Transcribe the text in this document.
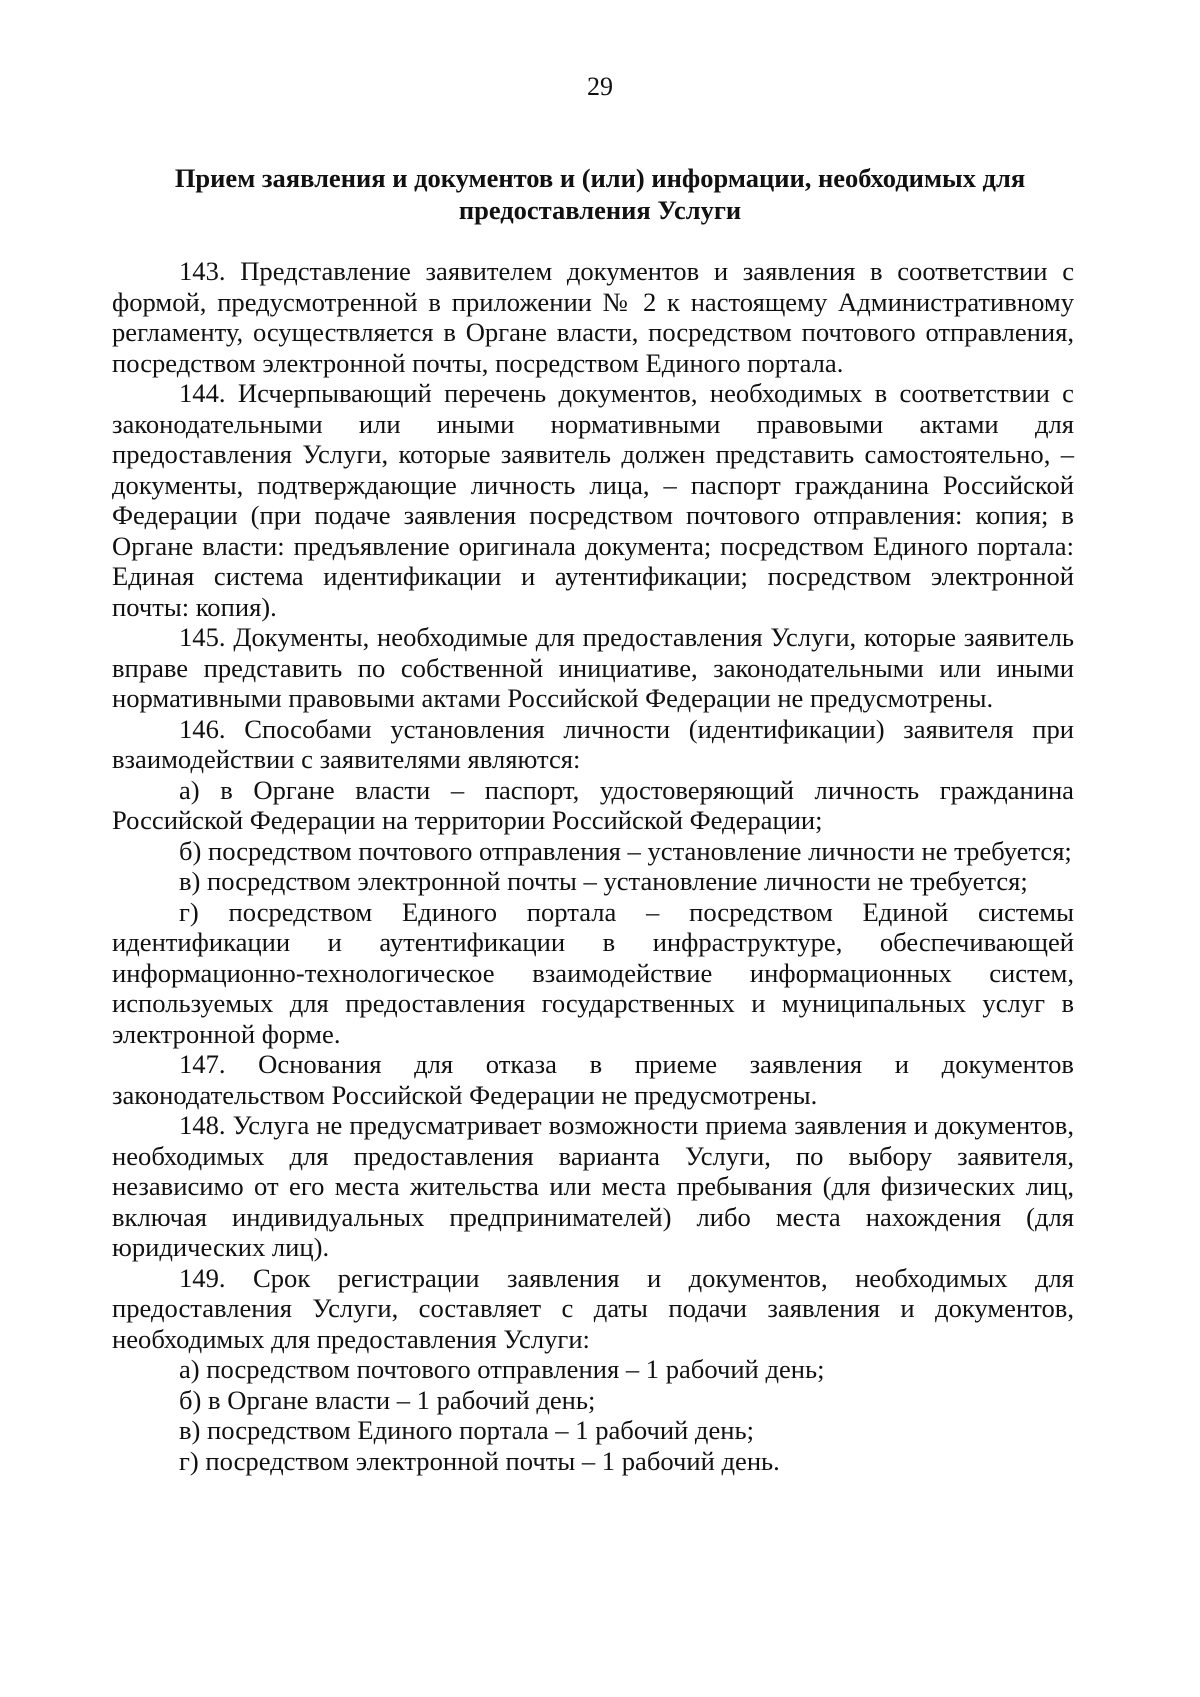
29
Прием заявления и документов и (или) информации, необходимых для
предоставления Услуги

143. Представление заявителем документов и заявления в соответствии с формой, предусмотренной в приложении № 2 к настоящему Административному регламенту, осуществляется в Органе власти, посредством почтового отправления, посредством электронной почты, посредством Единого портала.

144. Исчерпывающий перечень документов, необходимых в соответствии с законодательными или иными нормативными правовыми актами для предоставления Услуги, которые заявитель должен представить самостоятельно, – документы, подтверждающие личность лица, – паспорт гражданина Российской Федерации (при подаче заявления посредством почтового отправления: копия; в Органе власти: предъявление оригинала документа; посредством Единого портала: Единая система идентификации и аутентификации; посредством электронной почты: копия).

145. Документы, необходимые для предоставления Услуги, которые заявитель вправе представить по собственной инициативе, законодательными или иными нормативными правовыми актами Российской Федерации не предусмотрены.

146. Способами установления личности (идентификации) заявителя при взаимодействии с заявителями являются:

а) в Органе власти – паспорт, удостоверяющий личность гражданина Российской Федерации на территории Российской Федерации;

б) посредством почтового отправления – установление личности не требуется;

в) посредством электронной почты – установление личности не требуется;

г) посредством Единого портала – посредством Единой системы идентификации и аутентификации в инфраструктуре, обеспечивающей информационно-технологическое взаимодействие информационных систем, используемых для предоставления государственных и муниципальных услуг в электронной форме.

147. Основания для отказа в приеме заявления и документов законодательством Российской Федерации не предусмотрены.

148. Услуга не предусматривает возможности приема заявления и документов, необходимых для предоставления варианта Услуги, по выбору заявителя, независимо от его места жительства или места пребывания (для физических лиц, включая индивидуальных предпринимателей) либо места нахождения (для юридических лиц).

149. Срок регистрации заявления и документов, необходимых для предоставления Услуги, составляет с даты подачи заявления и документов, необходимых для предоставления Услуги:

а) посредством почтового отправления – 1 рабочий день;

б) в Органе власти – 1 рабочий день;

в) посредством Единого портала – 1 рабочий день;

г) посредством электронной почты – 1 рабочий день.
